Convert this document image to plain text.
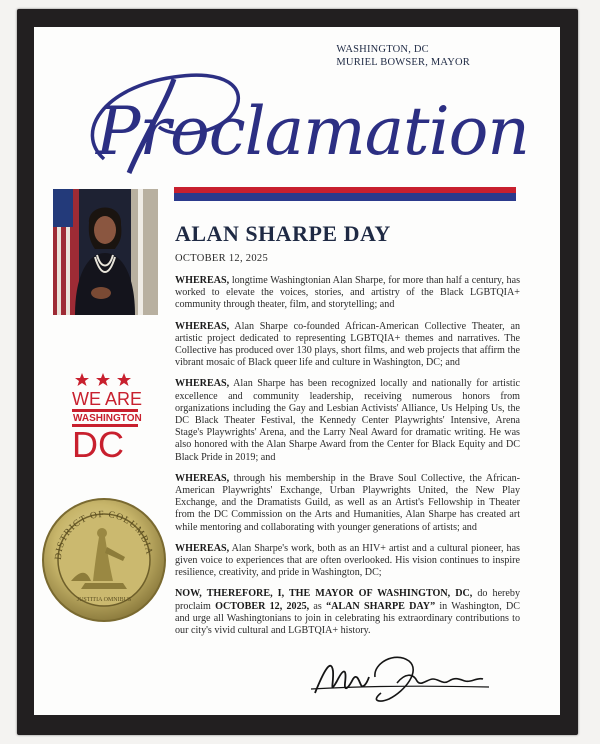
WASHINGTON, DC
MURIEL BOWSER, MAYOR
Proclamation
WE ARE
WASHINGTON
DC
DISTRICT OF COLUMBIA
JUSTITIA OMNIBUS
ALAN SHARPE DAY
OCTOBER 12, 2025

WHEREAS, longtime Washingtonian Alan Sharpe, for more than half a century, has worked to elevate the voices, stories, and artistry of the Black LGBTQIA+ community through theater, film, and storytelling; and

WHEREAS, Alan Sharpe co-founded African-American Collective Theater, an artistic project dedicated to representing LGBTQIA+ themes and narratives. The Collective has produced over 130 plays, short films, and web projects that affirm the vibrant mosaic of Black queer life and culture in Washington, DC; and

WHEREAS, Alan Sharpe has been recognized locally and nationally for artistic excellence and community leadership, receiving numerous honors from organizations including the Gay and Lesbian Activists' Alliance, Us Helping Us, the DC Black Theater Festival, the Kennedy Center Playwrights' Intensive, Arena Stage's Playwrights' Arena, and the Larry Neal Award for dramatic writing. He was also honored with the Alan Sharpe Award from the Center for Black Equity and DC Black Pride in 2019; and

WHEREAS, through his membership in the Brave Soul Collective, the African-American Playwrights' Exchange, Urban Playwrights United, the New Play Exchange, and the Dramatists Guild, as well as an Artist's Fellowship in Theater from the DC Commission on the Arts and Humanities, Alan Sharpe has created art while mentoring and collaborating with younger generations of artists; and

WHEREAS, Alan Sharpe's work, both as an HIV+ artist and a cultural pioneer, has given voice to experiences that are often overlooked. His vision continues to inspire resilience, creativity, and pride in Washington, DC;

NOW, THEREFORE, I, THE MAYOR OF WASHINGTON, DC, do hereby proclaim OCTOBER 12, 2025, as “ALAN SHARPE DAY” in Washington, DC and urge all Washingtonians to join in celebrating his extraordinary contributions to our city's vivid cultural and LGBTQIA+ history.
